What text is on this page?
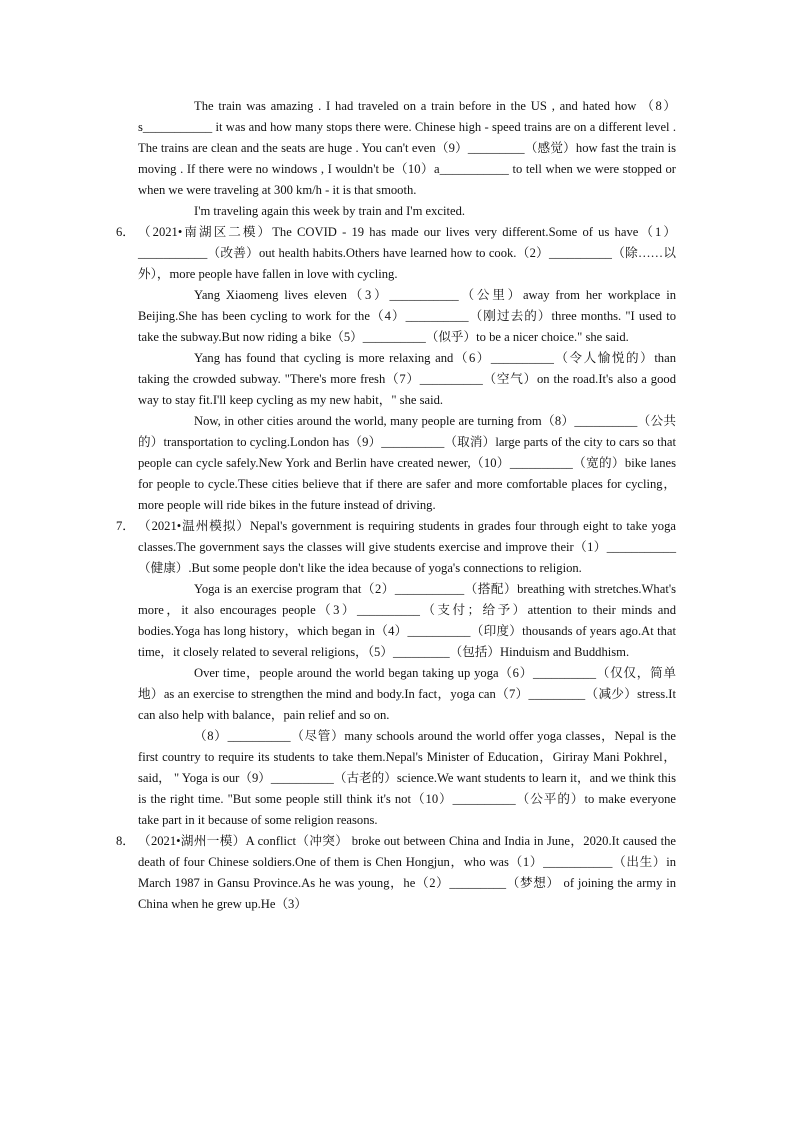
The train was amazing . I had traveled on a train before in the US , and hated how （8）s___________ it was and how many stops there were. Chinese high - speed trains are on a different level . The trains are clean and the seats are huge . You can't even（9）_________（感觉）how fast the train is moving . If there were no windows , I wouldn't be（10）a___________ to tell when we were stopped or when we were traveling at 300 km/h - it is that smooth.

I'm traveling again this week by train and I'm excited.

6． （2021•南湖区二模）The COVID - 19 has made our lives very different.Some of us have（1）___________（改善）out health habits.Others have learned how to cook.（2）__________（除……以外），more people have fallen in love with cycling.

Yang Xiaomeng lives eleven（3）___________（公里）away from her workplace in Beijing.She has been cycling to work for the（4）__________（刚过去的）three months. "I used to take the subway.But now riding a bike（5）__________（似乎）to be a nicer choice." she said.

Yang has found that cycling is more relaxing and（6）__________（令人愉悦的）than taking the crowded subway. "There's more fresh（7）__________（空气）on the road.It's also a good way to stay fit.I'll keep cycling as my new habit，" she said.

Now, in other cities around the world, many people are turning from（8）__________（公共的）transportation to cycling.London has（9）__________（取消）large parts of the city to cars so that people can cycle safely.New York and Berlin have created newer,（10）__________（宽的）bike lanes for people to cycle.These cities believe that if there are safer and more comfortable places for cycling，more people will ride bikes in the future instead of driving.

7． （2021•温州模拟）Nepal's government is requiring students in grades four through eight to take yoga classes.The government says the classes will give students exercise and improve their（1）___________（健康）.But some people don't like the idea because of yoga's connections to religion.

Yoga is an exercise program that（2）___________（搭配）breathing with stretches.What's more，it also encourages people（3）__________（支付；给予）attention to their minds and bodies.Yoga has long history，which began in（4）__________（印度）thousands of years ago.At that time，it closely related to several religions，（5）_________（包括）Hinduism and Buddhism.

Over time，people around the world began taking up yoga（6）__________（仅仅，简单地）as an exercise to strengthen the mind and body.In fact，yoga can（7）_________（减少）stress.It can also help with balance，pain relief and so on.

（8）__________（尽管）many schools around the world offer yoga classes，Nepal is the first country to require its students to take them.Nepal's Minister of Education，Giriray Mani Pokhrel，said， " Yoga is our（9）__________（古老的）science.We want students to learn it，and we think this is the right time. "But some people still think it's not（10）__________（公平的）to make everyone take part in it because of some religion reasons.

8． （2021•湖州一模）A conflict（冲突） broke out between China and India in June，2020.It caused the death of four Chinese soldiers.One of them is Chen Hongjun，who was（1）___________（出生）in March 1987 in Gansu Province.As he was young，he（2）_________（梦想） of joining the army in China when he grew up.He（3）
